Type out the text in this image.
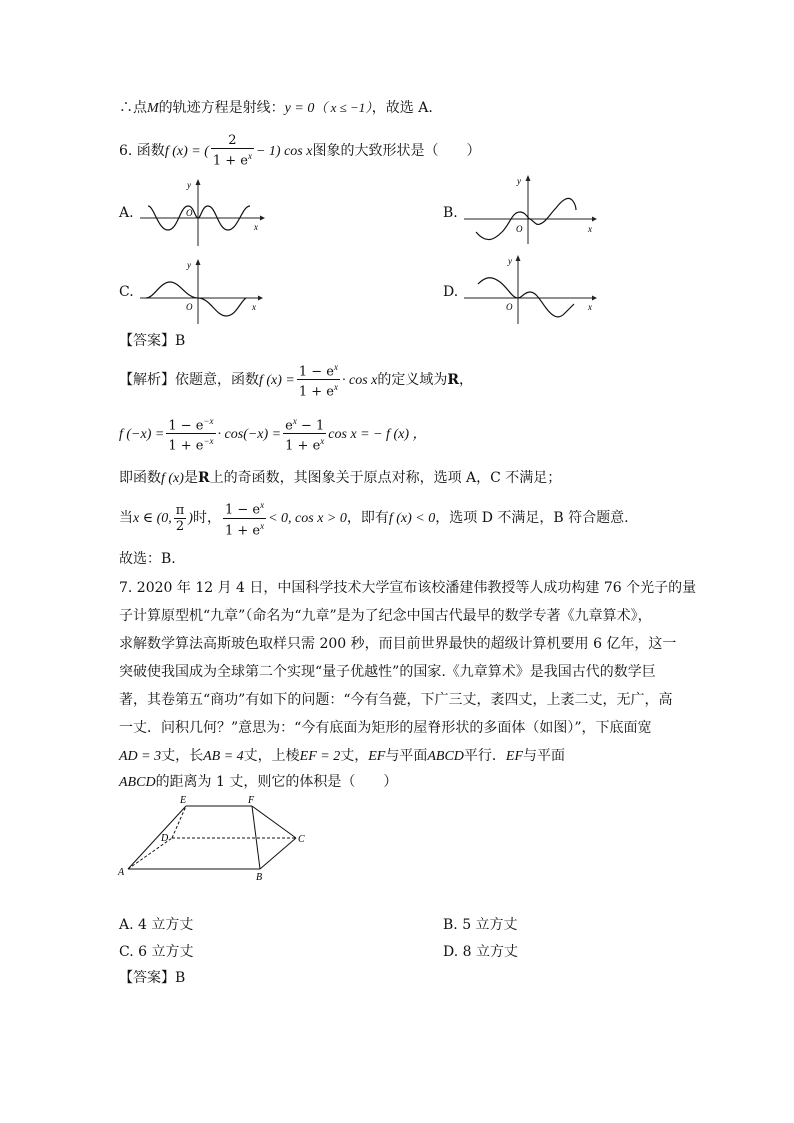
∴点M的轨迹方程是射线：y = 0（ x ≤ −1），故选 A.
6. 函数f (x) = ( $\frac{2}{1 + e^x} - 1$) cos x图象的大致形状是（　　）
A.	B.
C.	D.
y
x
O
y
x
O
y
x
O
y
x
O
【答案】B
【解析】依题意，函数f $(x) = \frac{1 - e^x}{1 + e^x} \cdot \cos x$的定义域为R，
f $(-x) = \frac{1 - e^{-x}}{1 + e^{-x}} \cdot \cos(-x) = \frac{e^x - 1}{1 + e^x}$ cos x = − f (x) ，
即函数f (x)是R上的奇函数，其图象关于原点对称，选项 A，C 不满足；
当x ∈ (0, $\frac{\pi}{2}$ )时， $\frac{1 - e^x}{1 + e^x} < 0$, cos x > 0，即有f (x) < 0，选项 D 不满足，B 符合题意.
故选：B.
7. 2020 年 12 月 4 日，中国科学技术大学宣布该校潘建伟教授等人成功构建 76 个光子的量
子计算原型机“九章”（命名为“九章”是为了纪念中国古代最早的数学专著《九章算术》，
求解数学算法高斯玻色取样只需 200 秒，而目前世界最快的超级计算机要用 6 亿年，这一
突破使我国成为全球第二个实现“量子优越性”的国家.《九章算术》是我国古代的数学巨
著，其卷第五“商功”有如下的问题：“今有刍甍，下广三丈，袤四丈，上袤二丈，无广，高
一丈．问积几何？”意思为：“今有底面为矩形的屋脊形状的多面体（如图）”，下底面宽
AD = 3丈，长AB = 4丈，上棱EF = 2丈，EF与平面ABCD平行．EF与平面
ABCD的距离为 1 丈，则它的体积是（　　）
A	B
C
D
E	F
A. 4 立方丈	B. 5 立方丈
C. 6 立方丈	D. 8 立方丈
【答案】B
